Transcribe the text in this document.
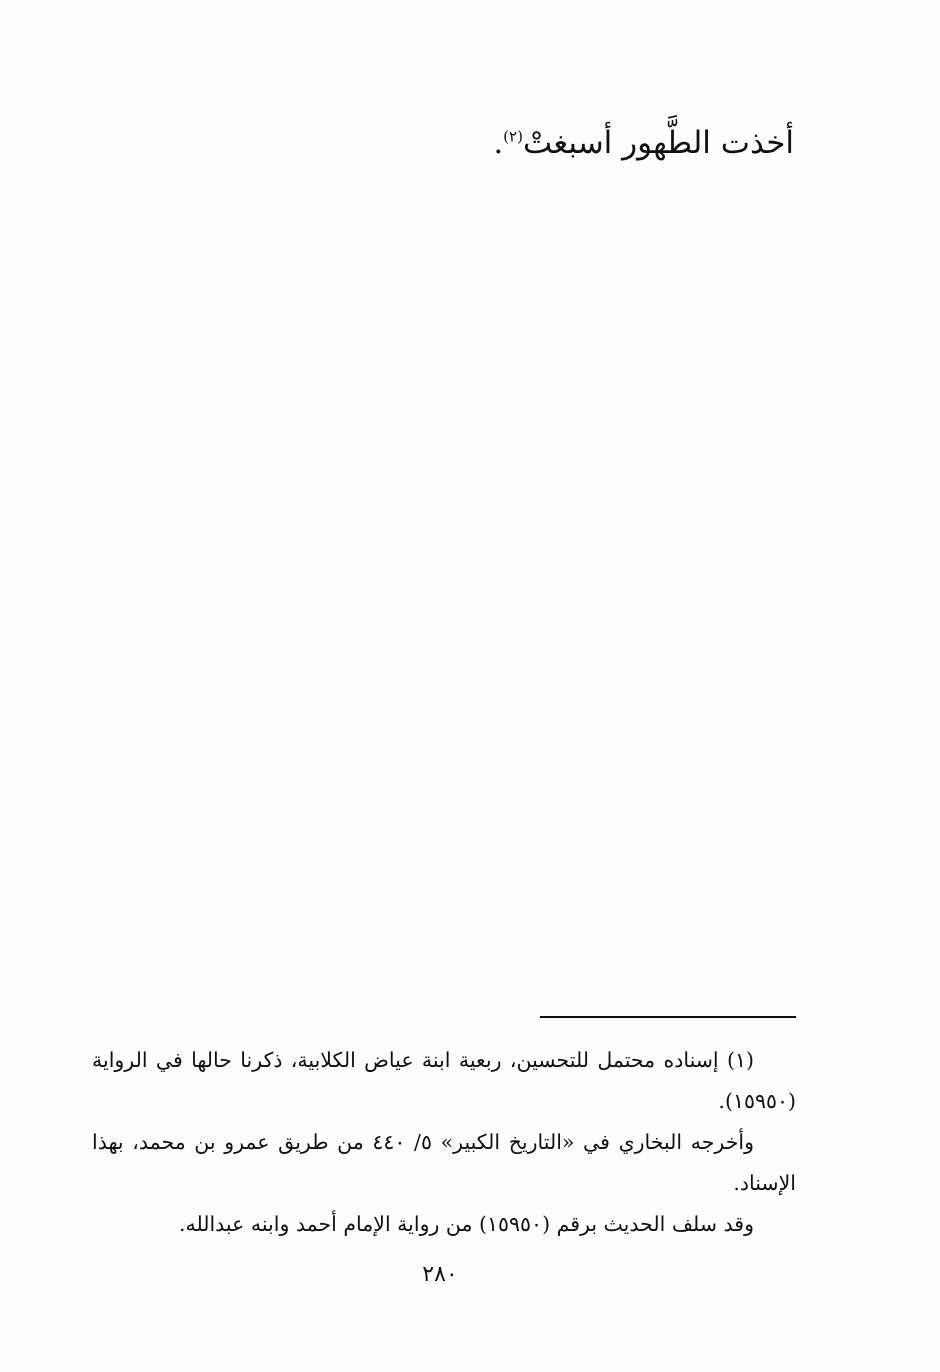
أخذت الطَّهور أسبغتْ$^{(٢)}$.

(١) إسناده محتمل للتحسين، ربعية ابنة عياض الكلابية، ذكرنا حالها في الرواية (١٥٩٥٠).

وأخرجه البخاري في «التاريخ الكبير» ٥/ ٤٤٠ من طريق عمرو بن محمد، بهذا الإسناد.

وقد سلف الحديث برقم (١٥٩٥٠) من رواية الإمام أحمد وابنه عبدالله.

٢٨٠
